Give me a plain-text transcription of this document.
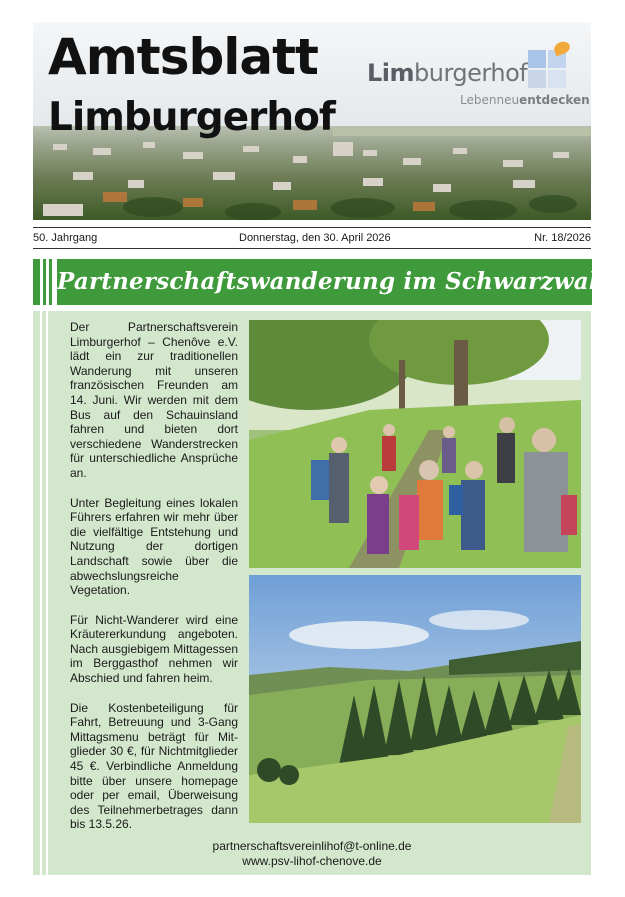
Amtsblatt
Limburgerhof
Limburgerhof
Lebenneuentdecken
50. Jahrgang	Donnerstag, den 30. April 2026	Nr. 18/2026
Partnerschaftswanderung im Schwarzwald

Der Partnerschaftsverein Limburgerhof – Chenôve e.V. lädt ein zur traditionellen Wanderung mit unseren französischen Freunden am 14. Juni. Wir werden mit dem Bus auf den Schauinsland fahren und bieten dort verschiedene Wanderstrecken für unterschiedliche Ansprüche an.

Unter Begleitung eines lokalen Führers erfahren wir mehr über die vielfältige Entstehung und Nutzung der dortigen Landschaft sowie über die abwechslungsreiche Vegetation.

Für Nicht-Wanderer wird eine Kräutererkundung angeboten. Nach ausgiebigem Mittagessen im Berggasthof nehmen wir Abschied und fahren heim.

Die Kostenbeteiligung für Fahrt, Betreuung und 3-Gang Mittagsmenu beträgt für Mitglieder 30 €, für Nichtmitglieder 45 €. Verbindliche Anmeldung bitte über unsere homepage oder per email, Überweisung des Teilnehmerbetrages dann bis 13.5.26.

partnerschaftsvereinlihof@t-online.de
www.psv-lihof-chenove.de
